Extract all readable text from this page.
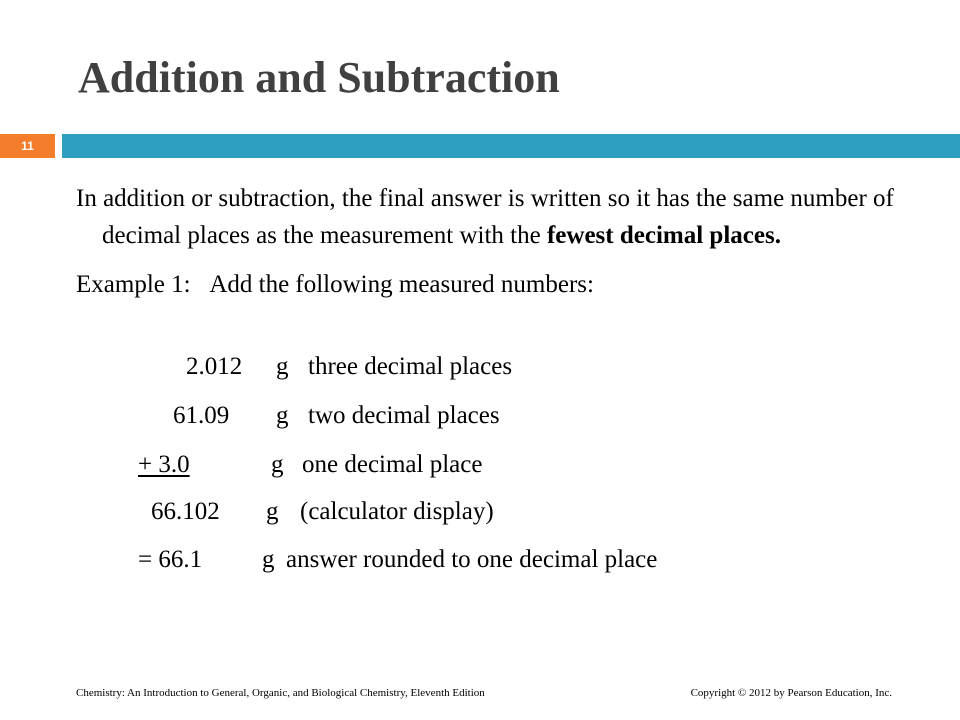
Addition and Subtraction
11

In addition or subtraction, the final answer is written so it has the same number of decimal places as the measurement with the fewest decimal places.

Example 1: Add the following measured numbers:

2.012 g three decimal places
61.09 g two decimal places
+ 3.0	g one decimal place
66.102 g (calculator display)
= 66.1 g answer rounded to one decimal place
Chemistry: An Introduction to General, Organic, and Biological Chemistry, Eleventh Edition	Copyright © 2012 by Pearson Education, Inc.
